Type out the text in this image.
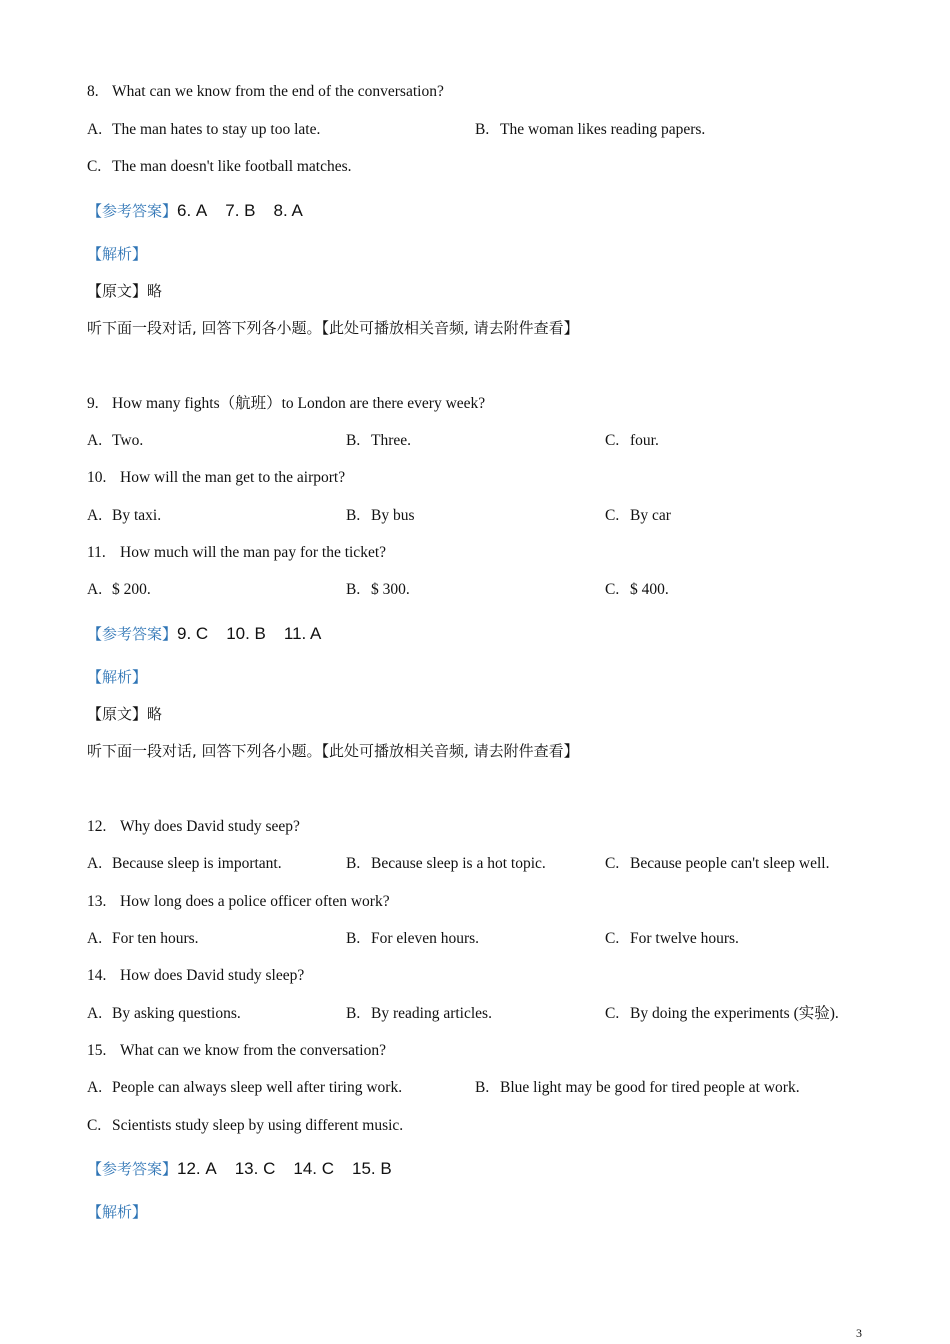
8. What can we know from the end of the conversation?
A. The man hates to stay up too late.	B. The woman likes reading papers.
C. The man doesn't like football matches.
【参考答案】6. A 7. B 8. A
【解析】
【原文】略
听下面一段对话, 回答下列各小题。【此处可播放相关音频, 请去附件查看】
9. How many fights（航班）to London are there every week?
A. Two.	B. Three.	C. four.
10. How will the man get to the airport?
A. By taxi.	B. By bus	C. By car
11. How much will the man pay for the ticket?
A. $ 200.	B. $ 300.	C. $ 400.
【参考答案】9. C 10. B 11. A
【解析】
【原文】略
听下面一段对话, 回答下列各小题。【此处可播放相关音频, 请去附件查看】
12. Why does David study seep?
A. Because sleep is important.	B. Because sleep is a hot topic.	C. Because people can't sleep well.
13. How long does a police officer often work?
A. For ten hours.	B. For eleven hours.	C. For twelve hours.
14. How does David study sleep?
A. By asking questions.	B. By reading articles.	C. By doing the experiments (实验).
15. What can we know from the conversation?
A. People can always sleep well after tiring work.	B. Blue light may be good for tired people at work.
C. Scientists study sleep by using different music.
【参考答案】12. A 13. C 14. C 15. B
【解析】
3
